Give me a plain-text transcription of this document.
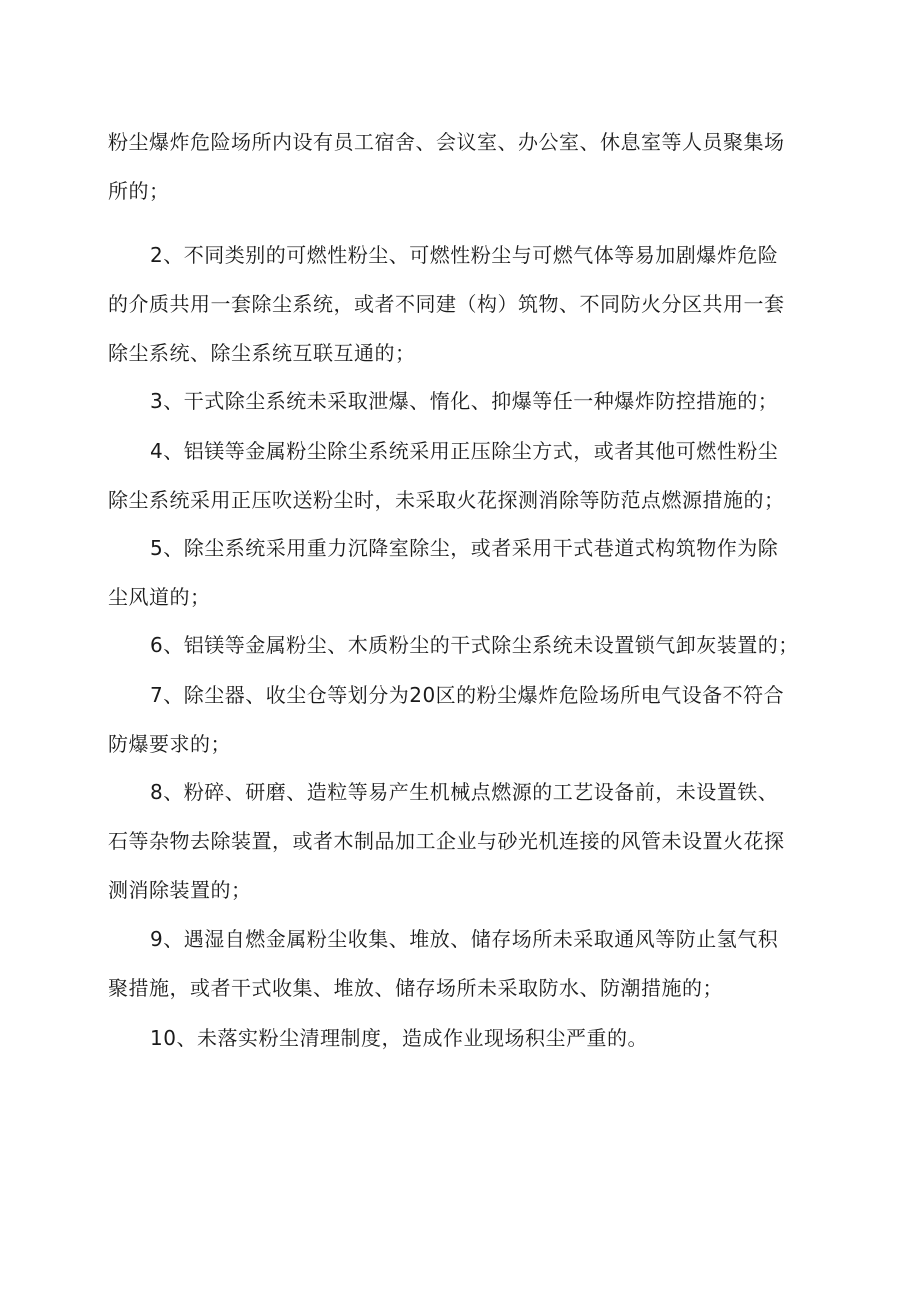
粉尘爆炸危险场所内设有员工宿舍、会议室、办公室、休息室等人员聚集场
所的；
2、不同类别的可燃性粉尘、可燃性粉尘与可燃气体等易加剧爆炸危险
的介质共用一套除尘系统，或者不同建（构）筑物、不同防火分区共用一套
除尘系统、除尘系统互联互通的；
3、干式除尘系统未采取泄爆、惰化、抑爆等任一种爆炸防控措施的；
4、铝镁等金属粉尘除尘系统采用正压除尘方式，或者其他可燃性粉尘
除尘系统采用正压吹送粉尘时，未采取火花探测消除等防范点燃源措施的；
5、除尘系统采用重力沉降室除尘，或者采用干式巷道式构筑物作为除
尘风道的；
6、铝镁等金属粉尘、木质粉尘的干式除尘系统未设置锁气卸灰装置的；
7、除尘器、收尘仓等划分为20区的粉尘爆炸危险场所电气设备不符合
防爆要求的；
8、粉碎、研磨、造粒等易产生机械点燃源的工艺设备前，未设置铁、
石等杂物去除装置，或者木制品加工企业与砂光机连接的风管未设置火花探
测消除装置的；
9、遇湿自燃金属粉尘收集、堆放、储存场所未采取通风等防止氢气积
聚措施，或者干式收集、堆放、储存场所未采取防水、防潮措施的；
10、未落实粉尘清理制度，造成作业现场积尘严重的。
